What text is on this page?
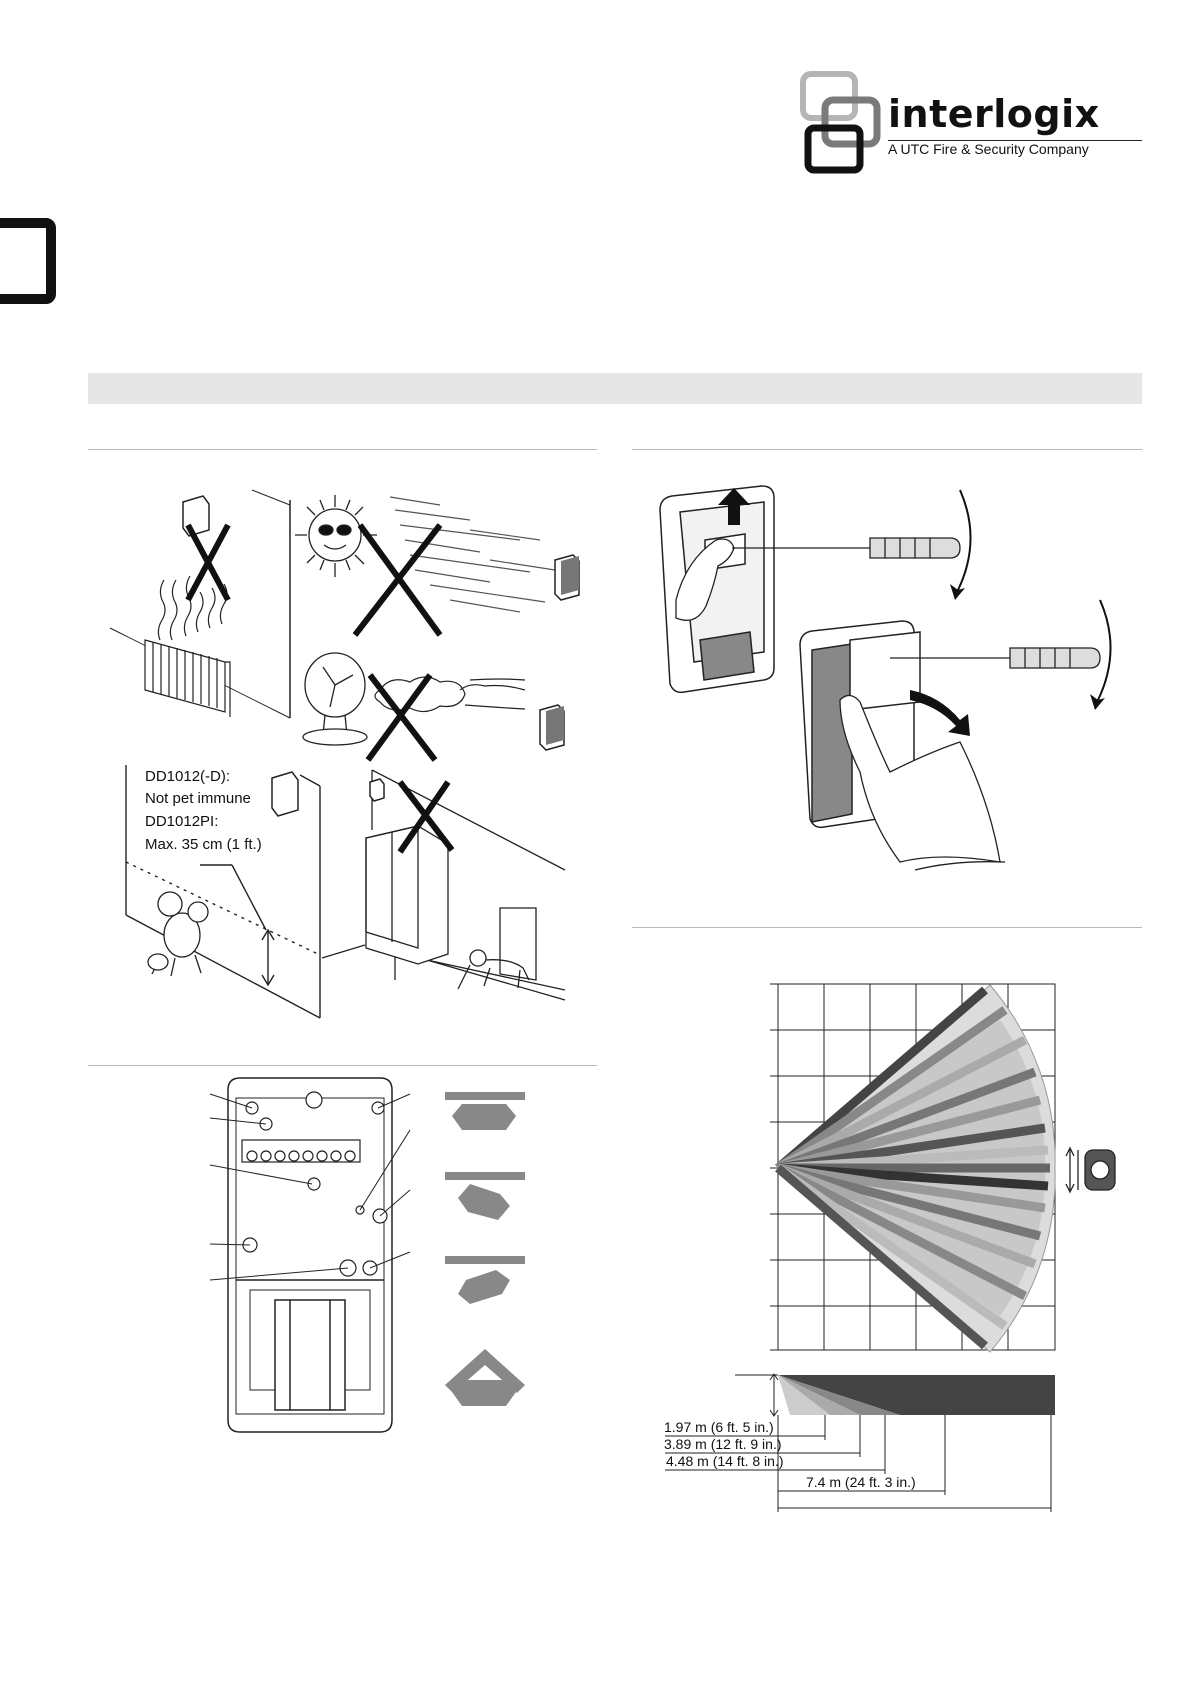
interlogix
A UTC Fire & Security Company
DD1012(-D):
Not pet immune
DD1012PI:
Max. 35 cm (1 ft.)
1.97 m (6 ft. 5 in.)
3.89 m (12 ft. 9 in.)
4.48 m (14 ft. 8 in.)
7.4 m (24 ft. 3 in.)
